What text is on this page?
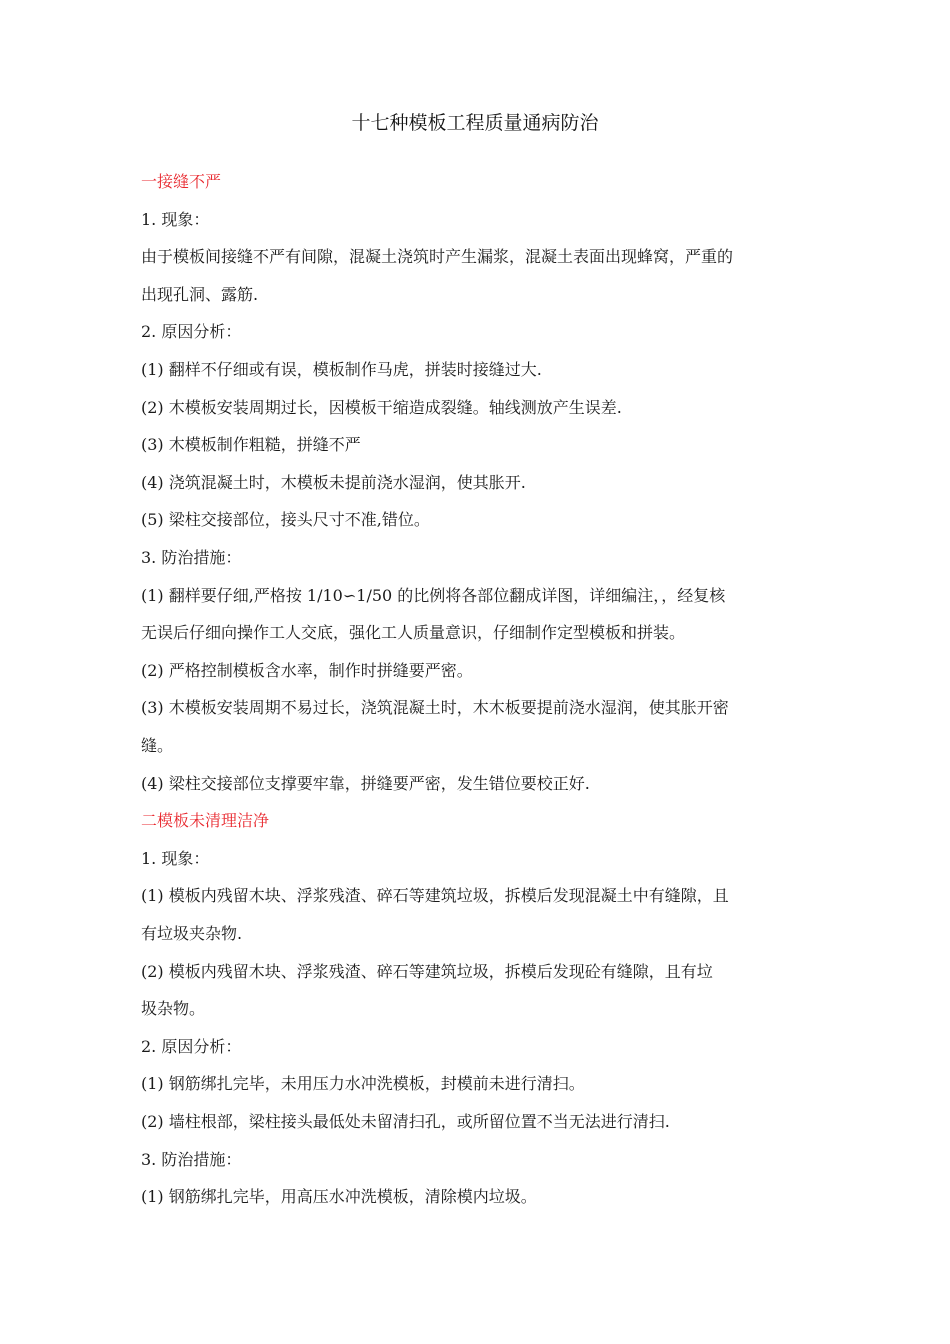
十七种模板工程质量通病防治
一接缝不严
1. 现象：
由于模板间接缝不严有间隙，混凝土浇筑时产生漏浆，混凝土表面出现蜂窝，严重的
出现孔洞、露筋.
2. 原因分析：
(1) 翻样不仔细或有误，模板制作马虎，拼装时接缝过大.
(2) 木模板安装周期过长，因模板干缩造成裂缝。轴线测放产生误差.
(3) 木模板制作粗糙，拼缝不严
(4) 浇筑混凝土时，木模板未提前浇水湿润，使其胀开.
(5) 梁柱交接部位，接头尺寸不准,错位。
3. 防治措施：
(1) 翻样要仔细,严格按 1/10∽1/50 的比例将各部位翻成详图，详细编注，，经复核
无误后仔细向操作工人交底，强化工人质量意识，仔细制作定型模板和拼装。
(2) 严格控制模板含水率，制作时拼缝要严密。
(3) 木模板安装周期不易过长，浇筑混凝土时，木木板要提前浇水湿润，使其胀开密
缝。
(4) 梁柱交接部位支撑要牢靠，拼缝要严密，发生错位要校正好.
二模板未清理洁净
1. 现象：
(1) 模板内残留木块、浮浆残渣、碎石等建筑垃圾，拆模后发现混凝土中有缝隙，且
有垃圾夹杂物.
(2) 模板内残留木块、浮浆残渣、碎石等建筑垃圾，拆模后发现砼有缝隙，且有垃
圾杂物。
2. 原因分析：
(1) 钢筋绑扎完毕，未用压力水冲洗模板，封模前未进行清扫。
(2) 墙柱根部，梁柱接头最低处未留清扫孔，或所留位置不当无法进行清扫.
3. 防治措施：
(1) 钢筋绑扎完毕，用高压水冲洗模板，清除模内垃圾。
